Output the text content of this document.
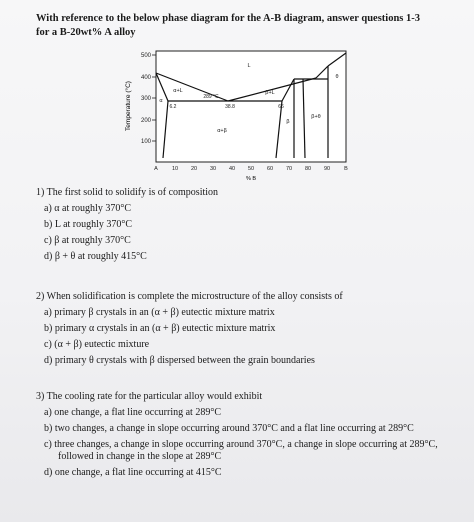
With reference to the below phase diagram for the A-B diagram, answer questions 1-3
for a B-20wt% A alloy
Temperature (°C)
100
200
300
400
500
A	10 20 30 40 50 60 70 80 90	B
% B
L
α+L
α
β+L
β
β+θ
θ
α+β
289 °C
6.2	38.8	66
1) The first solid to solidify is of composition
a) α at roughly 370°C
b) L at roughly 370°C
c) β at roughly 370°C
d) β + θ at roughly 415°C
2) When solidification is complete the microstructure of the alloy consists of
a) primary β crystals in an (α + β) eutectic mixture matrix
b) primary α crystals in an (α + β) eutectic mixture matrix
c) (α + β) eutectic mixture
d) primary θ crystals with β dispersed between the grain boundaries
3) The cooling rate for the particular alloy would exhibit
a) one change, a flat line occurring at 289°C
b) two changes, a change in slope occurring around 370°C and a flat line occurring at 289°C
c) three changes, a change in slope occurring around 370°C, a change in slope occurring at 289°C, followed in change in the slope at 289°C
d) one change, a flat line occurring at 415°C
